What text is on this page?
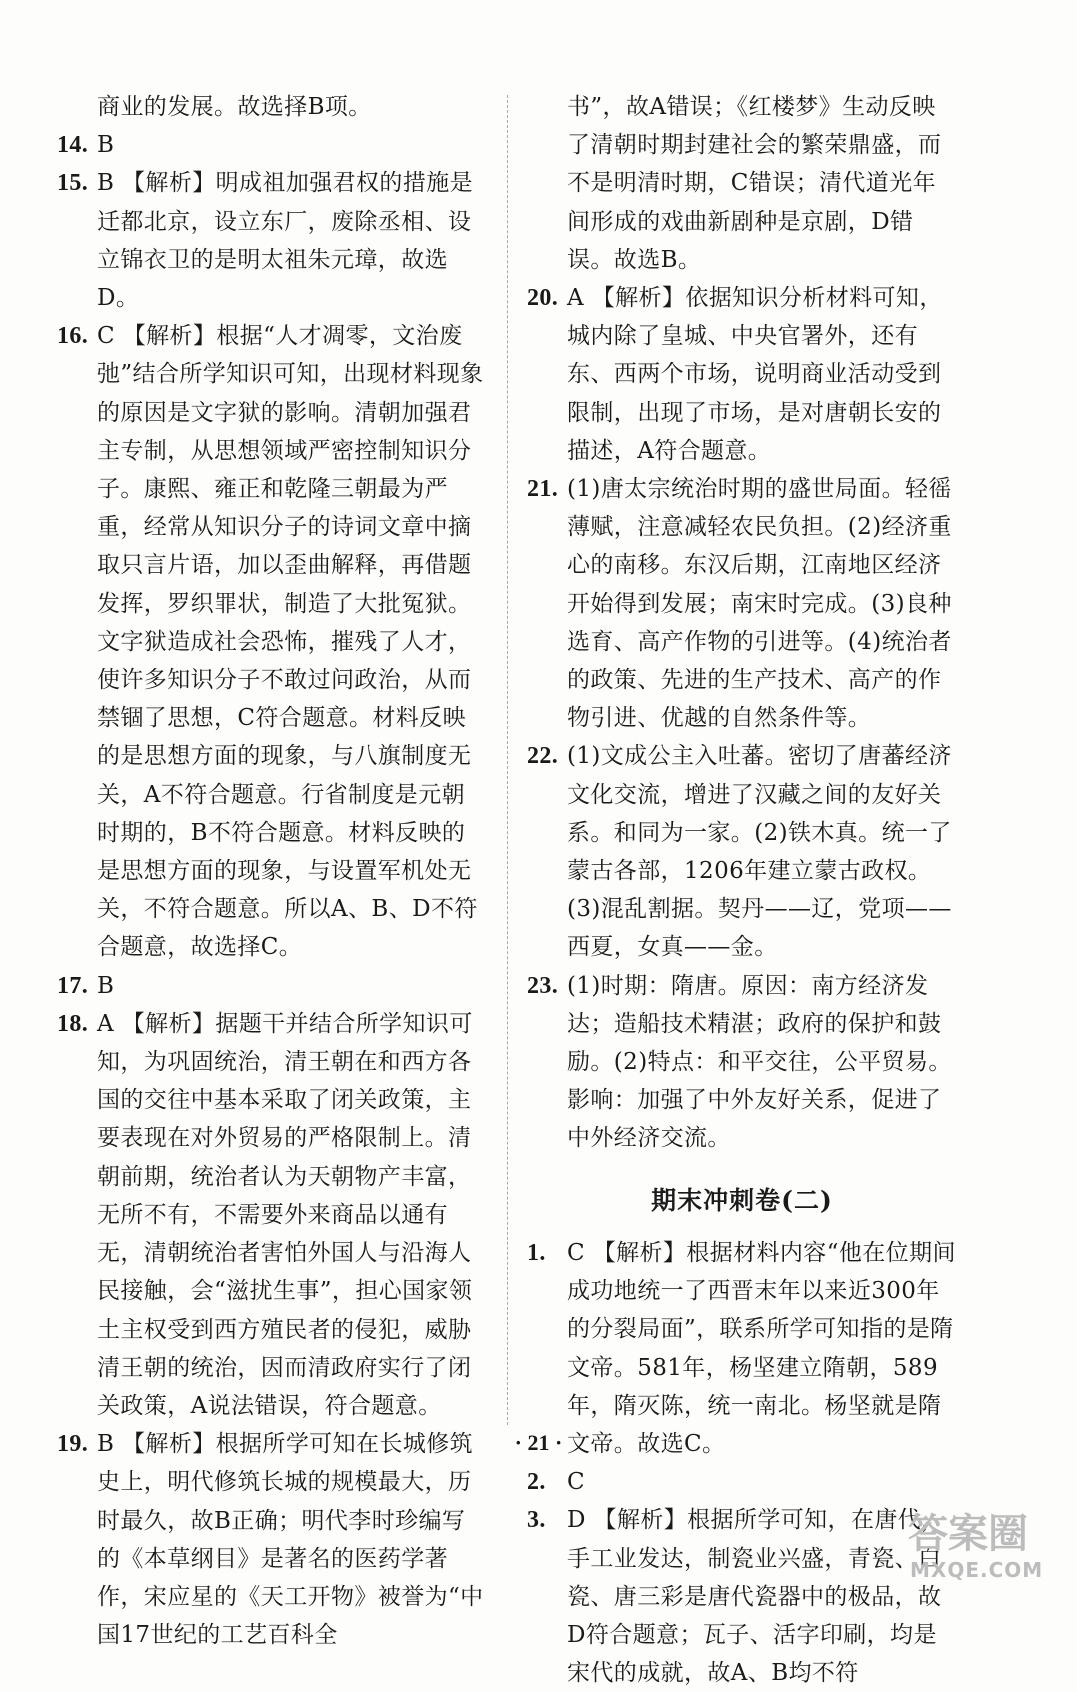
商业的发展。故选择B项。
14. B
15. B 【解析】明成祖加强君权的措施是迁都北京，设立东厂，废除丞相、设立锦衣卫的是明太祖朱元璋，故选D。
16. C 【解析】根据“人才凋零，文治废弛”结合所学知识可知，出现材料现象的原因是文字狱的影响。清朝加强君主专制，从思想领域严密控制知识分子。康熙、雍正和乾隆三朝最为严重，经常从知识分子的诗词文章中摘取只言片语，加以歪曲解释，再借题发挥，罗织罪状，制造了大批冤狱。文字狱造成社会恐怖，摧残了人才，使许多知识分子不敢过问政治，从而禁锢了思想，C符合题意。材料反映的是思想方面的现象，与八旗制度无关，A不符合题意。行省制度是元朝时期的，B不符合题意。材料反映的是思想方面的现象，与设置军机处无关，不符合题意。所以A、B、D不符合题意，故选择C。
17. B
18. A 【解析】据题干并结合所学知识可知，为巩固统治，清王朝在和西方各国的交往中基本采取了闭关政策，主要表现在对外贸易的严格限制上。清朝前期，统治者认为天朝物产丰富，无所不有，不需要外来商品以通有无，清朝统治者害怕外国人与沿海人民接触，会“滋扰生事”，担心国家领土主权受到西方殖民者的侵犯，威胁清王朝的统治，因而清政府实行了闭关政策，A说法错误，符合题意。
19. B 【解析】根据所学可知在长城修筑史上，明代修筑长城的规模最大，历时最久，故B正确；明代李时珍编写的《本草纲目》是著名的医药学著作，宋应星的《天工开物》被誉为“中国17世纪的工艺百科全
书”，故A错误；《红楼梦》生动反映了清朝时期封建社会的繁荣鼎盛，而不是明清时期，C错误；清代道光年间形成的戏曲新剧种是京剧，D错误。故选B。
20. A 【解析】依据知识分析材料可知，城内除了皇城、中央官署外，还有东、西两个市场，说明商业活动受到限制，出现了市场，是对唐朝长安的描述，A符合题意。
21. (1)唐太宗统治时期的盛世局面。轻徭薄赋，注意减轻农民负担。(2)经济重心的南移。东汉后期，江南地区经济开始得到发展；南宋时完成。(3)良种选育、高产作物的引进等。(4)统治者的政策、先进的生产技术、高产的作物引进、优越的自然条件等。
22. (1)文成公主入吐蕃。密切了唐蕃经济文化交流，增进了汉藏之间的友好关系。和同为一家。(2)铁木真。统一了蒙古各部，1206年建立蒙古政权。(3)混乱割据。契丹——辽，党项——西夏，女真——金。
23. (1)时期：隋唐。原因：南方经济发达；造船技术精湛；政府的保护和鼓励。(2)特点：和平交往，公平贸易。影响：加强了中外友好关系，促进了中外经济交流。
期末冲刺卷(二)
1. C 【解析】根据材料内容“他在位期间成功地统一了西晋末年以来近300年的分裂局面”，联系所学可知指的是隋文帝。581年，杨坚建立隋朝，589年，隋灭陈，统一南北。杨坚就是隋文帝。故选C。
2. C
3. D 【解析】根据所学可知，在唐代，手工业发达，制瓷业兴盛，青瓷、白瓷、唐三彩是唐代瓷器中的极品，故D符合题意；瓦子、活字印刷，均是宋代的成就，故A、B均不符
· 21 ·
答案圈
MXQE.COM
